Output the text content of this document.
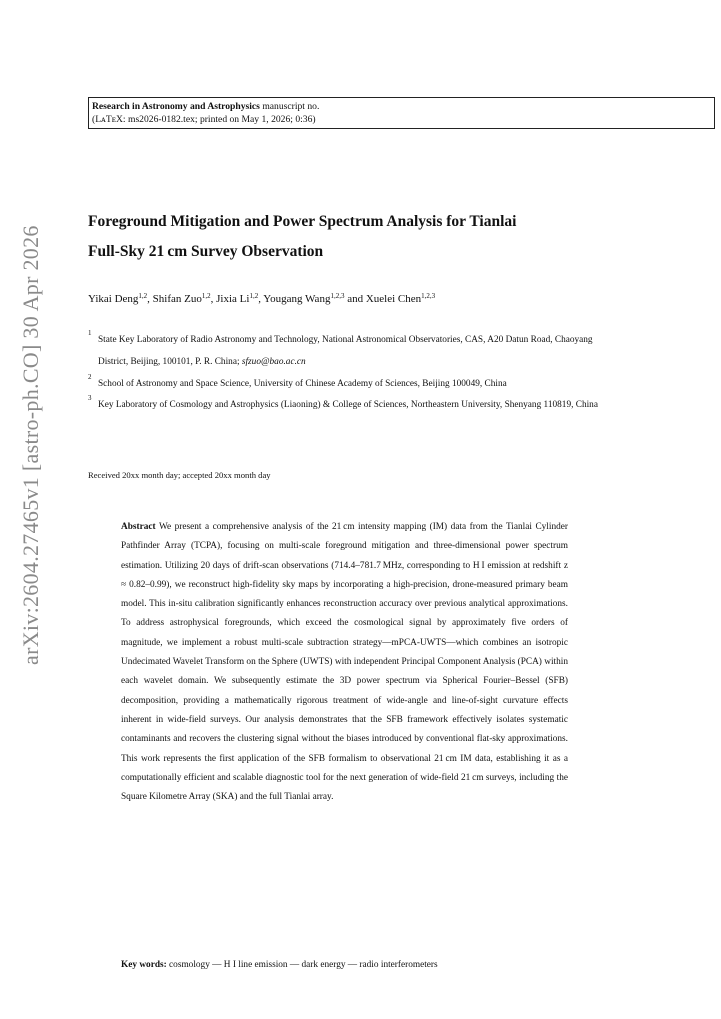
arXiv:2604.27465v1 [astro-ph.CO] 30 Apr 2026
Research in Astronomy and Astrophysics manuscript no.
(LᴀTᴇX: ms2026-0182.tex; printed on May 1, 2026; 0:36)
Foreground Mitigation and Power Spectrum Analysis for Tianlai
Full-Sky 21 cm Survey Observation
Yikai Deng$^{1,2}$, Shifan Zuo$^{1,2}$, Jixia Li$^{1,2}$, Yougang Wang$^{1,2,3}$ and Xuelei Chen$^{1,2,3}$
1
State Key Laboratory of Radio Astronomy and Technology, National Astronomical Observatories, CAS, A20 Datun Road, Chaoyang District, Beijing, 100101, P. R. China; sfzuo@bao.ac.cn
2
School of Astronomy and Space Science, University of Chinese Academy of Sciences, Beijing 100049, China
3
Key Laboratory of Cosmology and Astrophysics (Liaoning) & College of Sciences, Northeastern University, Shenyang 110819, China
Received 20xx month day; accepted 20xx month day
Abstract We present a comprehensive analysis of the 21 cm intensity mapping (IM) data from the Tianlai Cylinder Pathfinder Array (TCPA), focusing on multi-scale foreground mitigation and three-dimensional power spectrum estimation. Utilizing 20 days of drift-scan observations (714.4–781.7 MHz, corresponding to H I emission at redshift z ≈ 0.82–0.99), we reconstruct high-fidelity sky maps by incorporating a high-precision, drone-measured primary beam model. This in-situ calibration significantly enhances reconstruction accuracy over previous analytical approximations. To address astrophysical foregrounds, which exceed the cosmological signal by approximately five orders of magnitude, we implement a robust multi-scale subtraction strategy—mPCA-UWTS—which combines an isotropic Undecimated Wavelet Transform on the Sphere (UWTS) with independent Principal Component Analysis (PCA) within each wavelet domain. We subsequently estimate the 3D power spectrum via Spherical Fourier–Bessel (SFB) decomposition, providing a mathematically rigorous treatment of wide-angle and line-of-sight curvature effects inherent in wide-field surveys. Our analysis demonstrates that the SFB framework effectively isolates systematic contaminants and recovers the clustering signal without the biases introduced by conventional flat-sky approximations. This work represents the first application of the SFB formalism to observational 21 cm IM data, establishing it as a computationally efficient and scalable diagnostic tool for the next generation of wide-field 21 cm surveys, including the Square Kilometre Array (SKA) and the full Tianlai array.
Key words: cosmology — H I line emission — dark energy — radio interferometers
